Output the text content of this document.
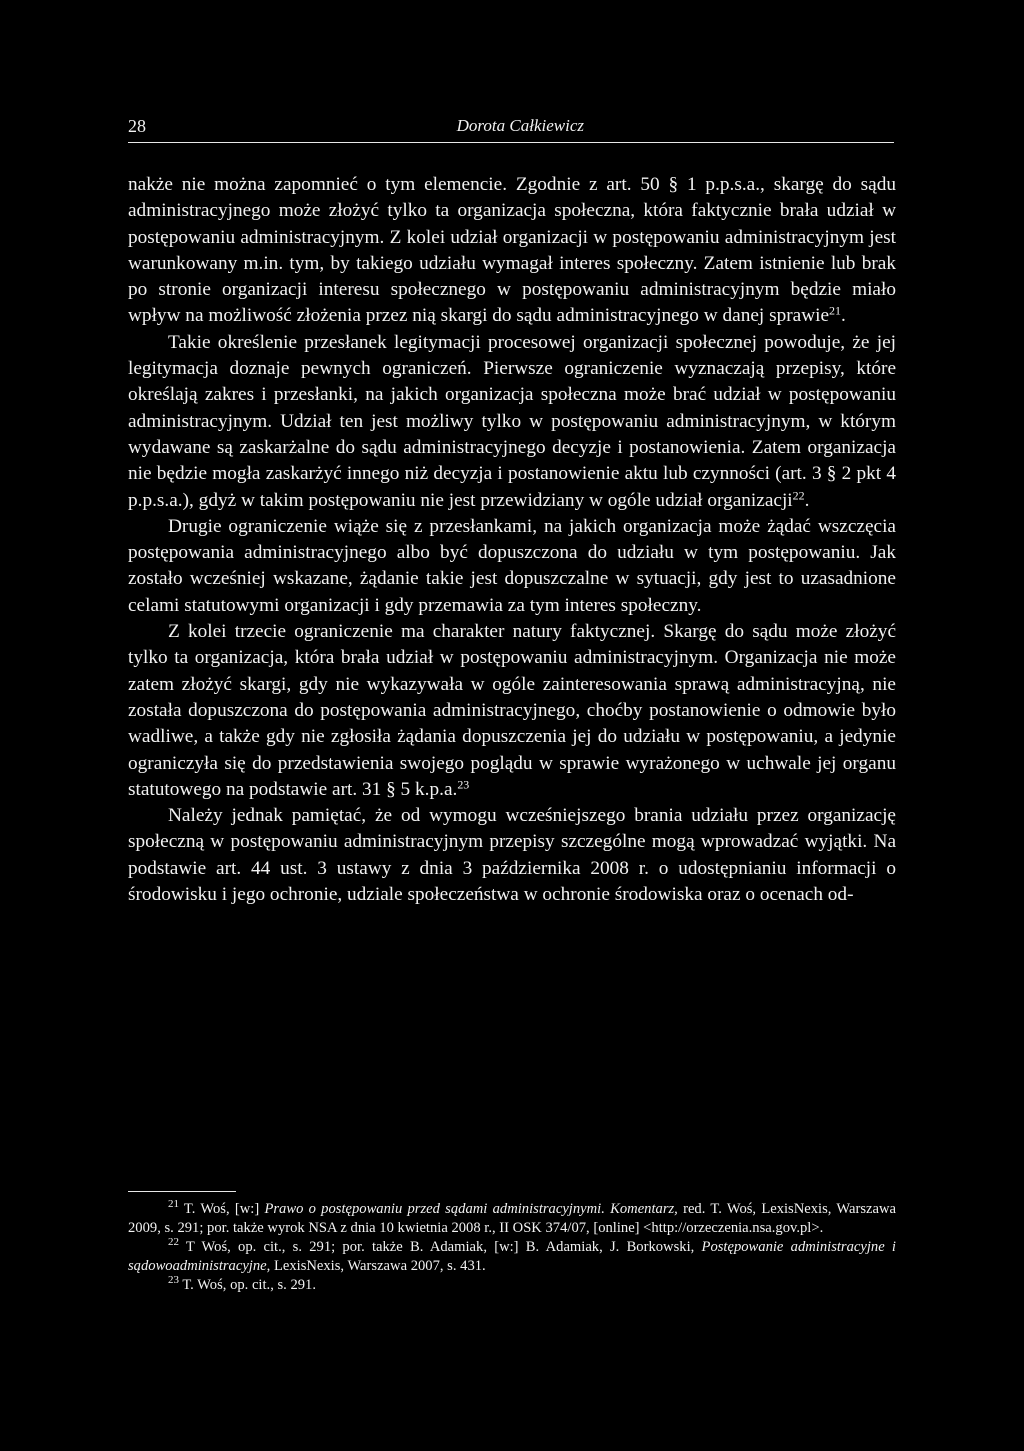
28	Dorota Całkiewicz

nakże nie można zapomnieć o tym elemencie. Zgodnie z art. 50 § 1 p.p.s.a., skargę do sądu administracyjnego może złożyć tylko ta organizacja społeczna, która faktycznie brała udział w postępowaniu administracyjnym. Z kolei udział organizacji w postępowaniu administracyjnym jest warunkowany m.in. tym, by takiego udziału wymagał interes społeczny. Zatem istnienie lub brak po stronie organizacji interesu społecznego w postępowaniu administracyjnym będzie miało wpływ na możliwość złożenia przez nią skargi do sądu administracyjnego w danej sprawie$^{21}$.

Takie określenie przesłanek legitymacji procesowej organizacji społecznej powoduje, że jej legitymacja doznaje pewnych ograniczeń. Pierwsze ograniczenie wyznaczają przepisy, które określają zakres i przesłanki, na jakich organizacja społeczna może brać udział w postępowaniu administracyjnym. Udział ten jest możliwy tylko w postępowaniu administracyjnym, w którym wydawane są zaskarżalne do sądu administracyjnego decyzje i postanowienia. Zatem organizacja nie będzie mogła zaskarżyć innego niż decyzja i postanowienie aktu lub czynności (art. 3 § 2 pkt 4 p.p.s.a.), gdyż w takim postępowaniu nie jest przewidziany w ogóle udział organizacji$^{22}$.

Drugie ograniczenie wiąże się z przesłankami, na jakich organizacja może żądać wszczęcia postępowania administracyjnego albo być dopuszczona do udziału w tym postępowaniu. Jak zostało wcześniej wskazane, żądanie takie jest dopuszczalne w sytuacji, gdy jest to uzasadnione celami statutowymi organizacji i gdy przemawia za tym interes społeczny.

Z kolei trzecie ograniczenie ma charakter natury faktycznej. Skargę do sądu może złożyć tylko ta organizacja, która brała udział w postępowaniu administracyjnym. Organizacja nie może zatem złożyć skargi, gdy nie wykazywała w ogóle zainteresowania sprawą administracyjną, nie została dopuszczona do postępowania administracyjnego, choćby postanowienie o odmowie było wadliwe, a także gdy nie zgłosiła żądania dopuszczenia jej do udziału w postępowaniu, a jedynie ograniczyła się do przedstawienia swojego poglądu w sprawie wyrażonego w uchwale jej organu statutowego na podstawie art. 31 § 5 k.p.a.$^{23}$

Należy jednak pamiętać, że od wymogu wcześniejszego brania udziału przez organizację społeczną w postępowaniu administracyjnym przepisy szczególne mogą wprowadzać wyjątki. Na podstawie art. 44 ust. 3 ustawy z dnia 3 października 2008 r. o udostępnianiu informacji o środowisku i jego ochronie, udziale społeczeństwa w ochronie środowiska oraz o ocenach od-

$^{21}$ T. Woś, [w:] Prawo o postępowaniu przed sądami administracyjnymi. Komentarz, red. T. Woś, LexisNexis, Warszawa 2009, s. 291; por. także wyrok NSA z dnia 10 kwietnia 2008 r., II OSK 374/07, [online] <http://orzeczenia.nsa.gov.pl>.

$^{22}$ T Woś, op. cit., s. 291; por. także B. Adamiak, [w:] B. Adamiak, J. Borkowski, Postępowanie administracyjne i sądowoadministracyjne, LexisNexis, Warszawa 2007, s. 431.

$^{23}$ T. Woś, op. cit., s. 291.
